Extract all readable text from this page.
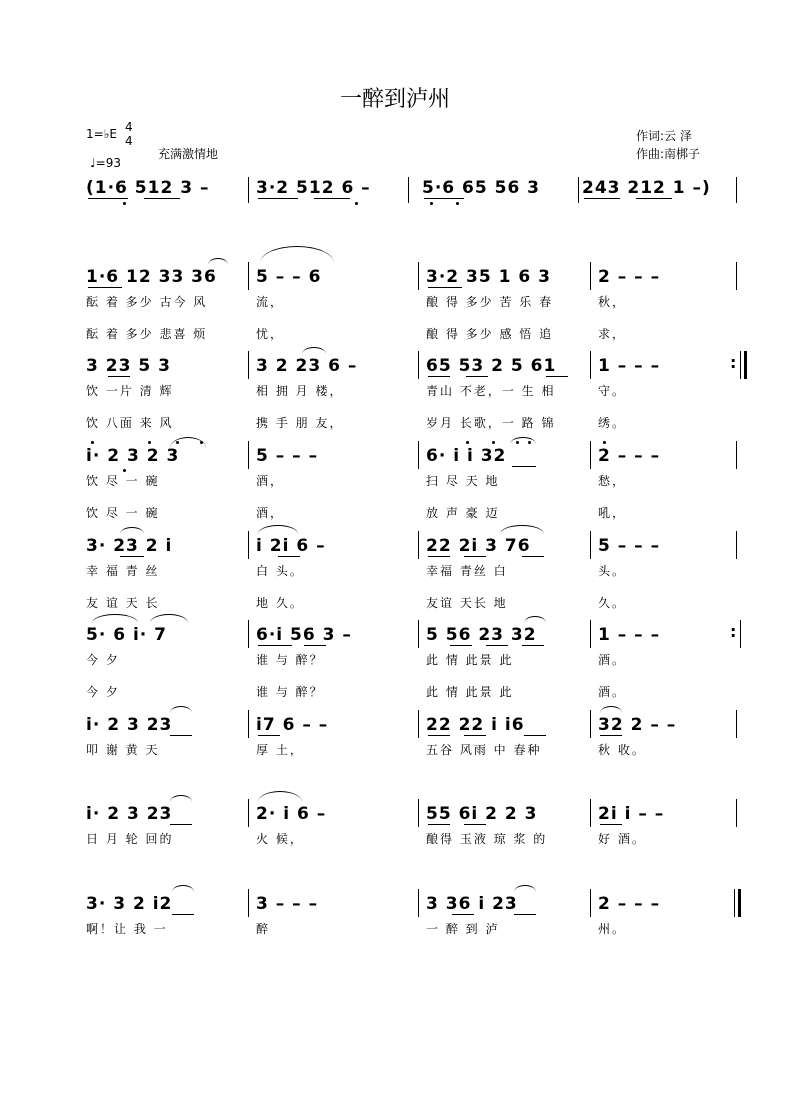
一醉到泸州
1=♭E 4
4
♩=93
充满激情地
作词:云 泽
作曲:南梆子
(1·6 512 3 –	3·2 512 6 –	5·6 65 56 3 243 212 1 –)
1·6 12 33 36 5 – – 6	3·2 35 1 6 3	2 – – –
酝 着 多少 古今 风	流，	酿 得 多少 苦 乐 春	秋，
酝 着 多少 悲喜 烦	忧，	酿 得 多少 感 悟 追	求，
3 23 5 3	3 2 23 6 –	65 53 2 5 61 1 – – –
饮 一片 清 辉	相 拥 月 楼，	青山 不老，一 生 相	守。
饮 八面 来 风	携 手 朋 友，	岁月 长歌，一 路 锦	绣。
:
i· 2 3 2 3	5 – – –	6· i i 32	2 – – –
饮 尽 一 碗	酒，	扫 尽 天 地	愁，
饮 尽 一 碗	酒，	放 声 豪 迈	吼，
3· 23 2 i	i 2i 6 –	22 2i 3 76	5 – – –
幸 福 青 丝	白 头。	幸福 青丝 白	头。
友 谊 天 长	地 久。	友谊 天长 地	久。
5· 6 i· 7	6·i 56 3 –	5 56 23 32	1 – – –
今 夕	谁 与 醉？	此 情 此景 此	酒。
今 夕	谁 与 醉？	此 情 此景 此	酒。
:
i· 2 3 23	i7 6 – –	22 22 i i6	32 2 – –
叩 谢 黄 天	厚 土，	五谷 风雨 中 春种	秋 收。
i· 2 3 23	2· i 6 –	55 6i 2 2 3	2i i – –
日 月 轮 回的	火 候，	酿得 玉液 琼 浆 的	好 酒。
3· 3 2 i2	3 – – –	3 36 i 23	2 – – –
啊！让 我 一	醉	一 醉 到 泸	州。
